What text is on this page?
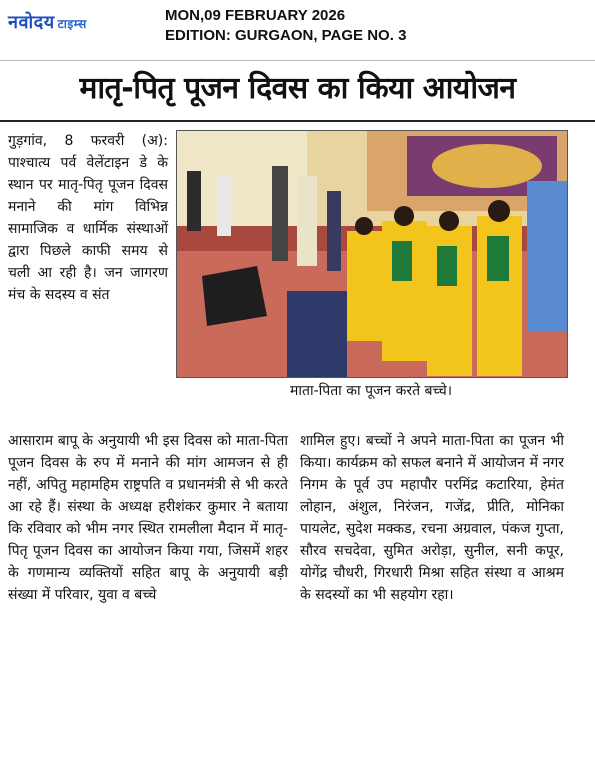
नवोदय टाइम्स	MON,09 FEBRUARY 2026
EDITION: GURGAON, PAGE NO. 3
मातृ-पितृ पूजन दिवस का किया आयोजन

गुड़गांव, 8 फरवरी (अ): पाश्चात्य पर्व वेलेंटाइन डे के स्थान पर मातृ-पितृ पूजन दिवस मनाने की मांग विभिन्न सामाजिक व धार्मिक संस्थाओं द्वारा पिछले काफी समय से चली आ रही है। जन जागरण मंच के सदस्य व संत

माता-पिता का पूजन करते बच्चे।

आसाराम बापू के अनुयायी भी इस दिवस को माता-पिता पूजन दिवस के रुप में मनाने की मांग आमजन से ही नहीं, अपितु महामहिम राष्ट्रपति व प्रधानमंत्री से भी करते आ रहे हैं। संस्था के अध्यक्ष हरीशंकर कुमार ने बताया कि रविवार को भीम नगर स्थित रामलीला मैदान में मातृ-पितृ पूजन दिवस का आयोजन किया गया, जिसमें शहर के गणमान्य व्यक्तियों सहित बापू के अनुयायी बड़ी संख्या में परिवार, युवा व बच्चे

शामिल हुए। बच्चों ने अपने माता-पिता का पूजन भी किया। कार्यक्रम को सफल बनाने में आयोजन में नगर निगम के पूर्व उप महापौर परमिंद्र कटारिया, हेमंत लोहान, अंशुल, निरंजन, गजेंद्र, प्रीति, मोनिका पायलेट, सुदेश मक्कड, रचना अग्रवाल, पंकज गुप्ता, सौरव सचदेवा, सुमित अरोड़ा, सुनील, सनी कपूर, योगेंद्र चौधरी, गिरधारी मिश्रा सहित संस्था व आश्रम के सदस्यों का भी सहयोग रहा।
